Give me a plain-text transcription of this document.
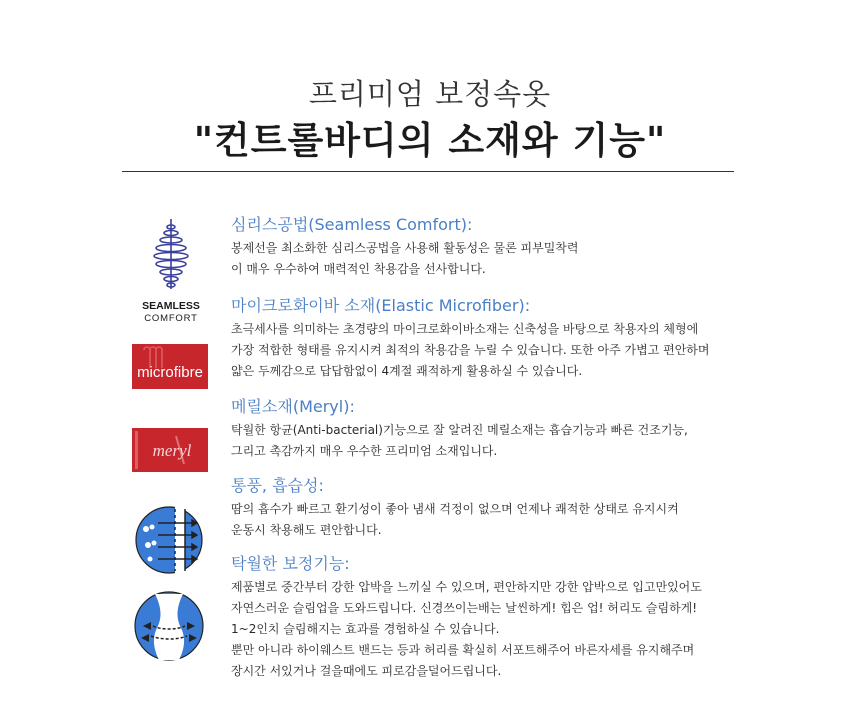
프리미엄 보정속옷
"컨트롤바디의 소재와 기능"
SEAMLESS
COMFORT
microfibre
meryl
심리스공법(Seamless Comfort):
봉제선을 최소화한 심리스공법을 사용해 활동성은 물론 피부밀착력
이 매우 우수하여 매력적인 착용감을 선사합니다.
마이크로화이바 소재(Elastic Microfiber):
초극세사를 의미하는 초경량의 마이크로화이바소재는 신축성을 바탕으로 착용자의 체형에
가장 적합한 형태를 유지시켜 최적의 착용감을 누릴 수 있습니다. 또한 아주 가볍고 편안하며
얇은 두께감으로 답답함없이 4계절 쾌적하게 활용하실 수 있습니다.
메릴소재(Meryl):
탁월한 항균(Anti-bacterial)기능으로 잘 알려진 메릴소재는 흡습기능과 빠른 건조기능,
그리고 촉감까지 매우 우수한 프리미엄 소재입니다.
통풍, 흡습성:
땀의 흡수가 빠르고 환기성이 좋아 냄새 걱정이 없으며 언제나 쾌적한 상태로 유지시켜
운동시 착용해도 편안합니다.
탁월한 보정기능:
제품별로 중간부터 강한 압박을 느끼실 수 있으며, 편안하지만 강한 압박으로 입고만있어도
자연스러운 슬림업을 도와드립니다. 신경쓰이는배는 날씬하게! 힙은 업! 허리도 슬림하게!
1~2인치 슬림해지는 효과를 경험하실 수 있습니다.
뿐만 아니라 하이웨스트 밴드는 등과 허리를 확실히 서포트해주어 바른자세를 유지해주며
장시간 서있거나 걸을때에도 피로감을덜어드립니다.
